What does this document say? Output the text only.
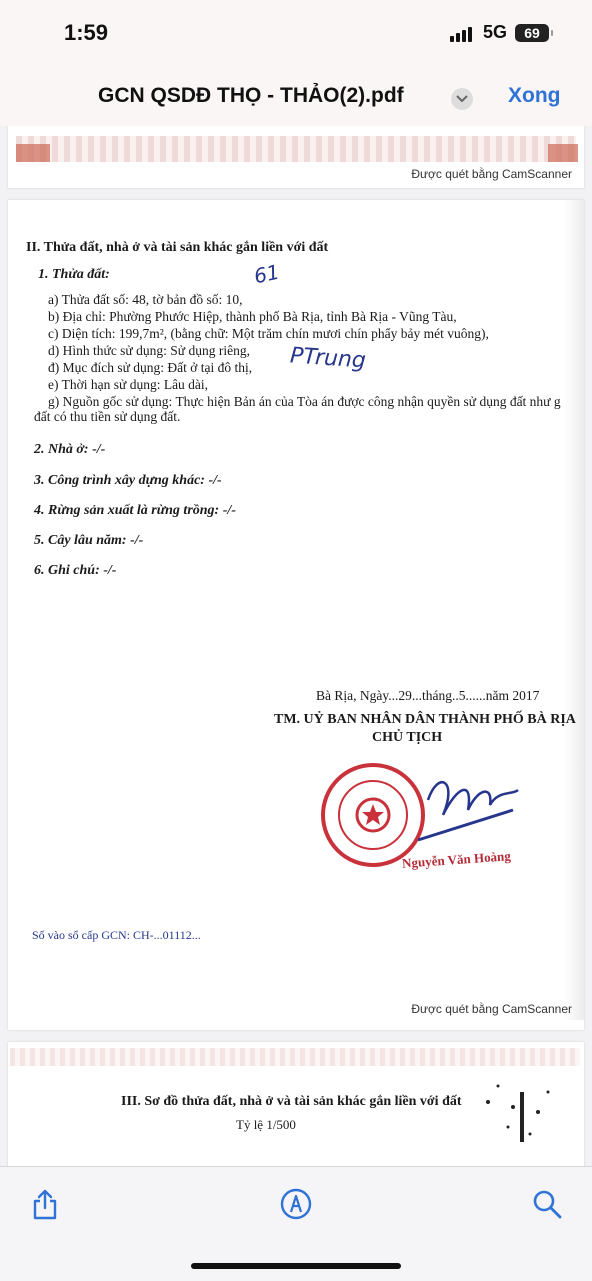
1:59	5G	69
GCN QSDĐ THỌ - THẢO(2).pdf	Xong
Được quét bằng CamScanner
II. Thửa đất, nhà ở và tài sản khác gắn liền với đất
1. Thửa đất:
a) Thửa đất số: 48, tờ bản đồ số: 10,
b) Địa chỉ: Phường Phước Hiệp, thành phố Bà Rịa, tỉnh Bà Rịa - Vũng Tàu,
c) Diện tích: 199,7m², (bằng chữ: Một trăm chín mươi chín phẩy bảy mét vuông),
d) Hình thức sử dụng: Sử dụng riêng,
đ) Mục đích sử dụng: Đất ở tại đô thị,
e) Thời hạn sử dụng: Lâu dài,
g) Nguồn gốc sử dụng: Thực hiện Bản án của Tòa án được công nhận quyền sử dụng đất như g
đất có thu tiền sử dụng đất.
2. Nhà ở: -/-
3. Công trình xây dựng khác: -/-
4. Rừng sản xuất là rừng trồng: -/-
5. Cây lâu năm: -/-
6. Ghi chú: -/-
61
PTrung
Bà Rịa, Ngày...29...tháng..5......năm 2017
TM. UỶ BAN NHÂN DÂN THÀNH PHỐ BÀ RỊA
CHỦ TỊCH
Nguyễn Văn Hoàng
Số vào sổ cấp GCN: CH-...01112...
Được quét bằng CamScanner
III. Sơ đồ thửa đất, nhà ở và tài sản khác gắn liền với đất
Tỷ lệ 1/500
